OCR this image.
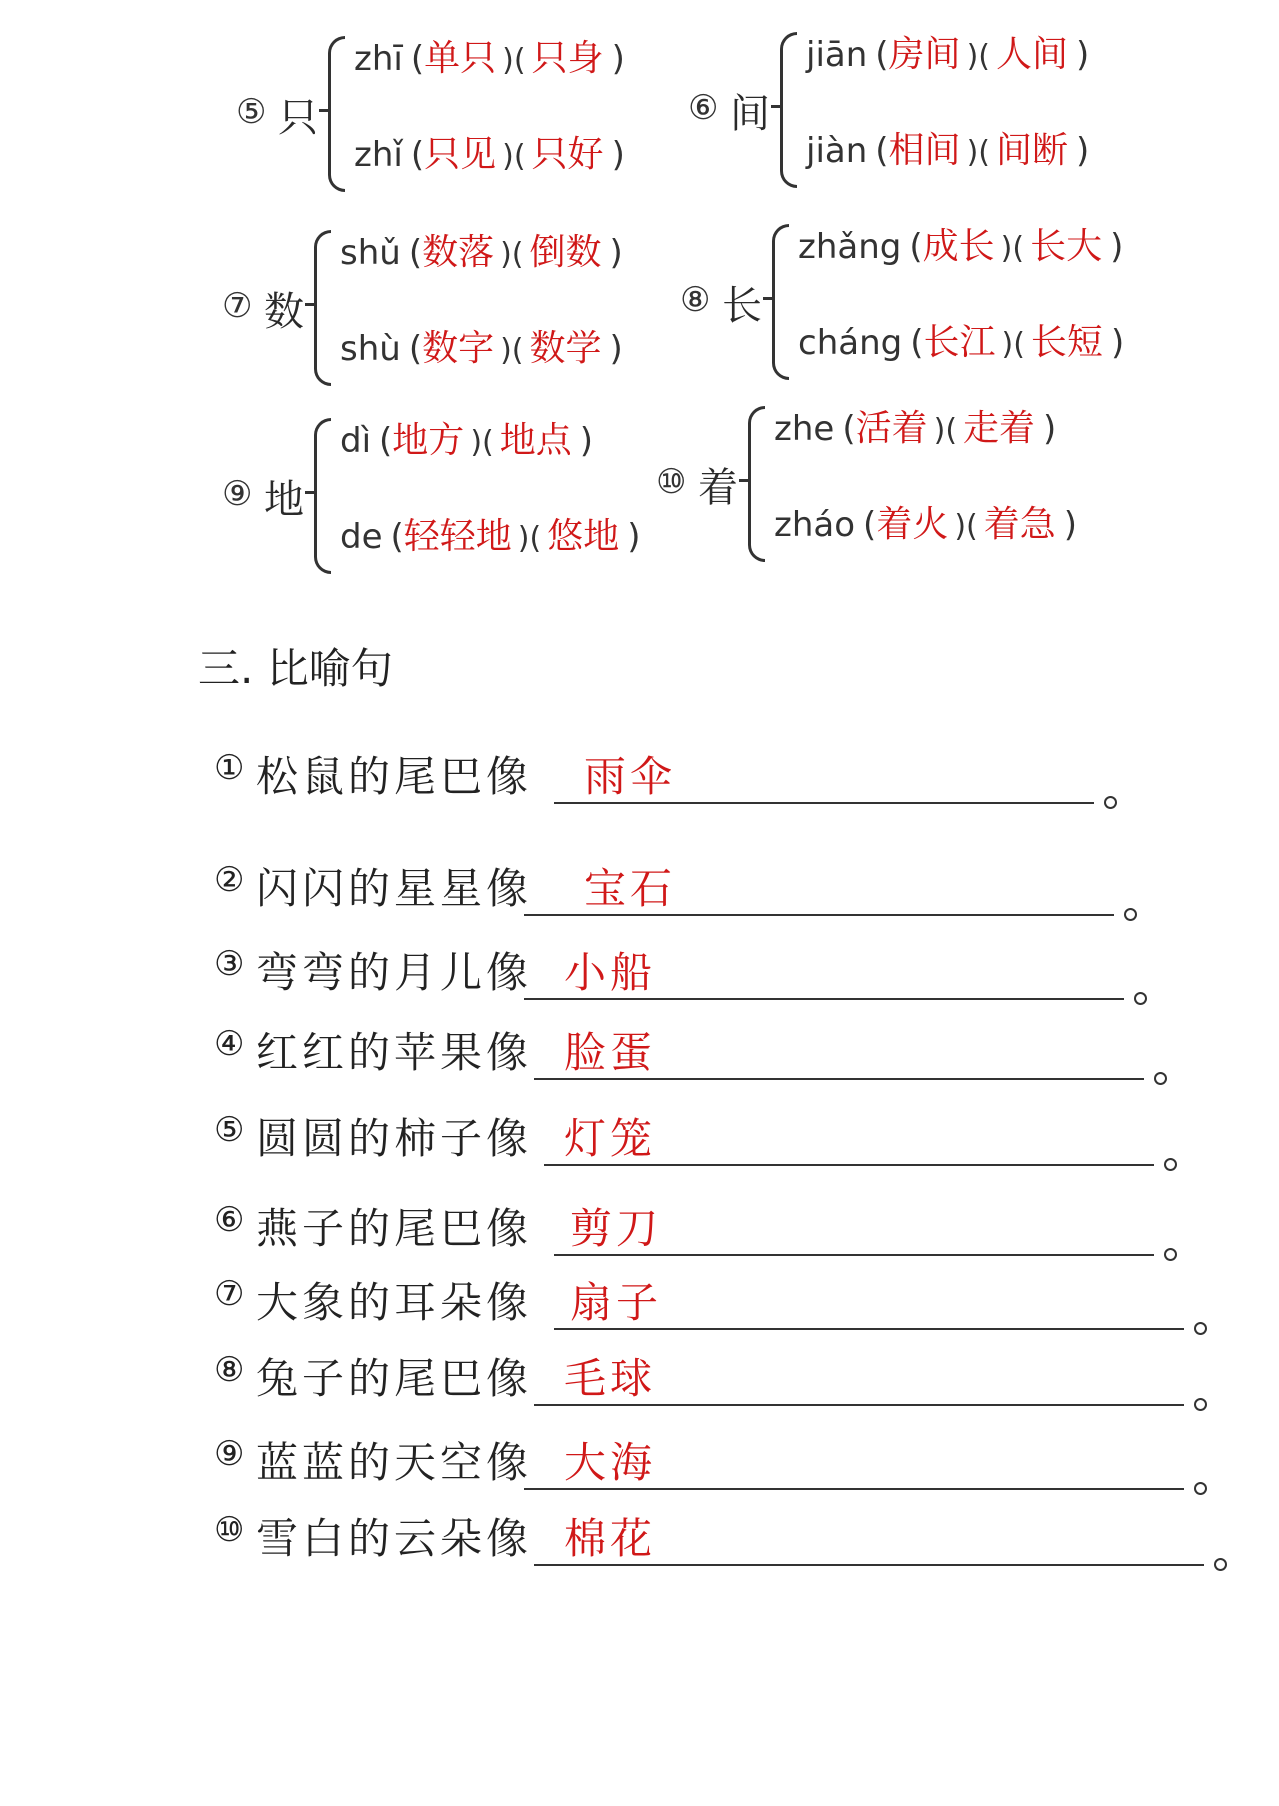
⑤ 只
zhī (单只 )( 只身 )
zhǐ (只见 )( 只好 )
⑥ 间
jiān (房间 )( 人间 )
jiàn (相间 )( 间断 )
⑦ 数
shǔ (数落 )( 倒数 )
shù (数字 )( 数学 )
⑧ 长
zhǎng (成长 )( 长大 )
cháng (长江 )( 长短 )
⑨ 地
dì (地方 )( 地点 )
de (轻轻地 )( 悠地 )
⑩ 着
zhe (活着 )( 走着 )
zháo (着火 )( 着急 )
三. 比喻句
① 松鼠的尾巴像 雨伞
② 闪闪的星星像 宝石
③ 弯弯的月儿像 小船
④ 红红的苹果像 脸蛋
⑤ 圆圆的柿子像 灯笼
⑥ 燕子的尾巴像 剪刀
⑦ 大象的耳朵像 扇子
⑧ 兔子的尾巴像 毛球
⑨ 蓝蓝的天空像 大海
⑩ 雪白的云朵像 棉花
